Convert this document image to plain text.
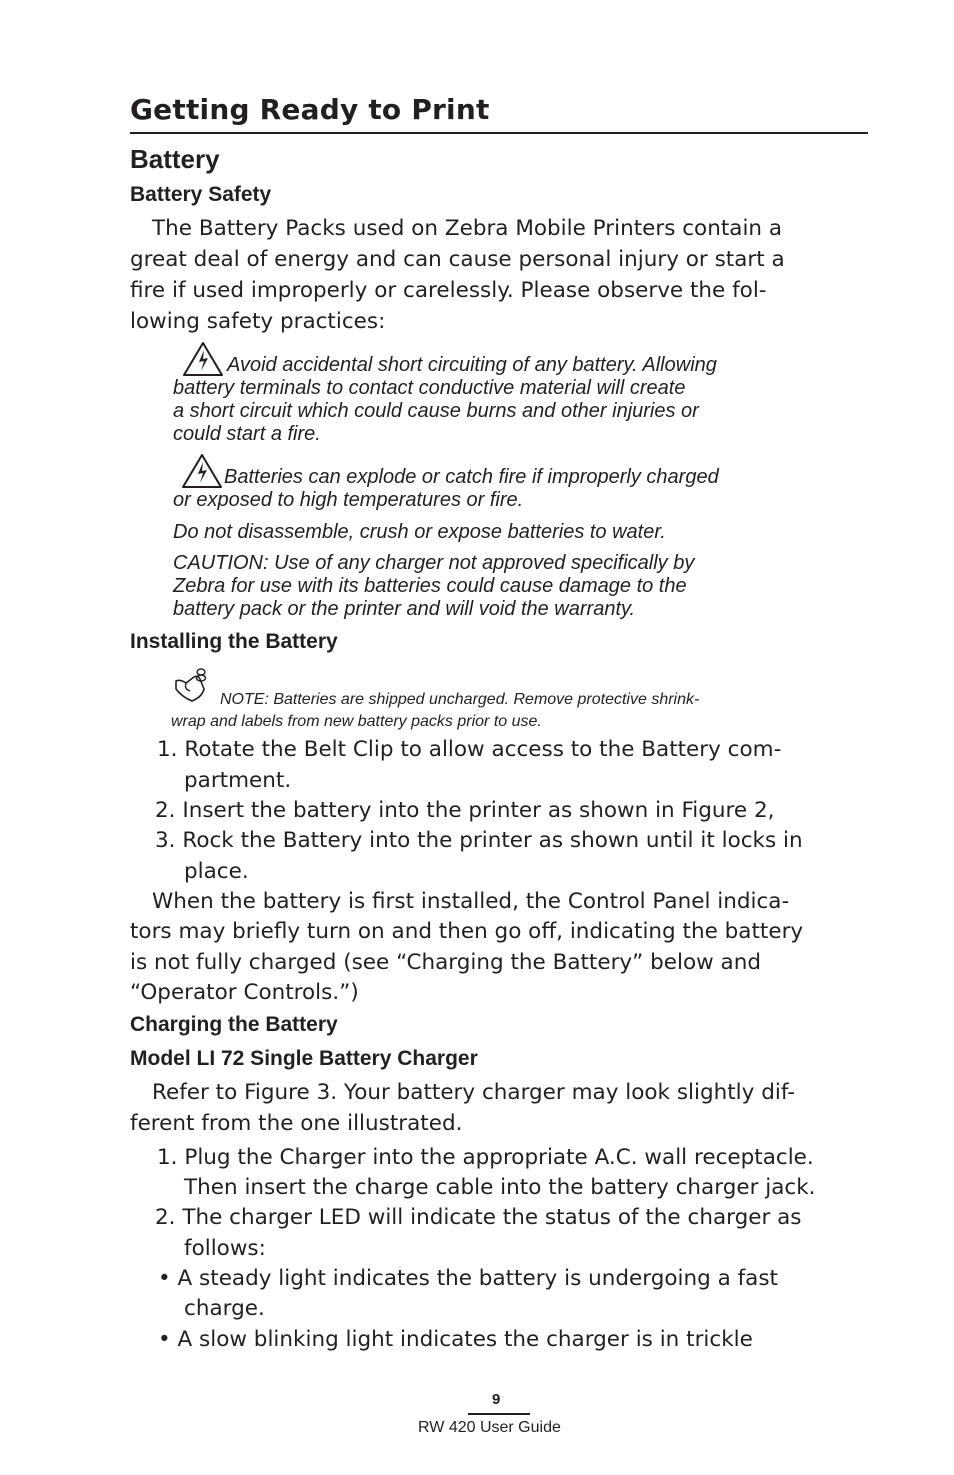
Getting Ready to Print
Battery
Battery Safety
The Battery Packs used on Zebra Mobile Printers contain a
great deal of energy and can cause personal injury or start a
fire if used improperly or carelessly. Please observe the fol-
lowing safety practices:
Avoid accidental short circuiting of any battery. Allowing
battery terminals to contact conductive material will create
a short circuit which could cause burns and other injuries or
could start a fire.
Batteries can explode or catch fire if improperly charged
or exposed to high temperatures or fire.
Do not disassemble, crush or expose batteries to water.
CAUTION: Use of any charger not approved specifically by
Zebra for use with its batteries could cause damage to the
battery pack or the printer and will void the warranty.
Installing the Battery
NOTE: Batteries are shipped uncharged. Remove protective shrink-
wrap and labels from new battery packs prior to use.
1. Rotate the Belt Clip to allow access to the Battery com-
partment.
2. Insert the battery into the printer as shown in Figure 2,
3. Rock the Battery into the printer as shown until it locks in
place.
When the battery is first installed, the Control Panel indica-
tors may briefly turn on and then go off, indicating the battery
is not fully charged (see “Charging the Battery” below and
“Operator Controls.”)
Charging the Battery
Model LI 72 Single Battery Charger
Refer to Figure 3. Your battery charger may look slightly dif-
ferent from the one illustrated.
1. Plug the Charger into the appropriate A.C. wall receptacle.
Then insert the charge cable into the battery charger jack.
2. The charger LED will indicate the status of the charger as
follows:
• A steady light indicates the battery is undergoing a fast
charge.
• A slow blinking light indicates the charger is in trickle
9
RW 420 User Guide
